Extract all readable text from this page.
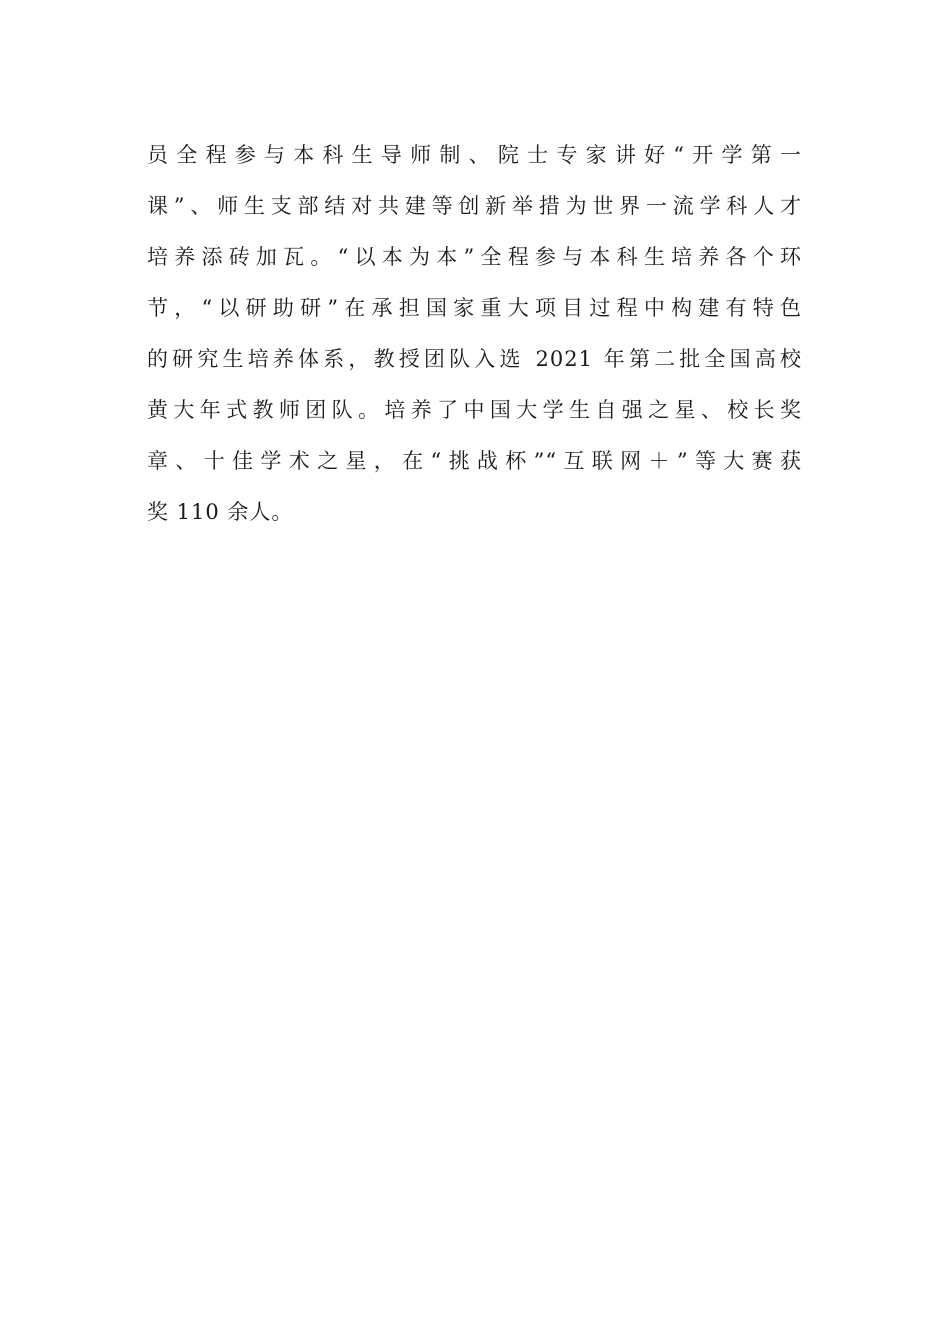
员全程参与本科生导师制、院士专家讲好“开学第一
课”、师生支部结对共建等创新举措为世界一流学科人才
培养添砖加瓦。“以本为本”全程参与本科生培养各个环
节，“以研助研”在承担国家重大项目过程中构建有特色
的研究生培养体系，教授团队入选 2021 年第二批全国高校
黄大年式教师团队。培养了中国大学生自强之星、校长奖
章、十佳学术之星，在“挑战杯”“互联网＋”等大赛获
奖 110 余人。
